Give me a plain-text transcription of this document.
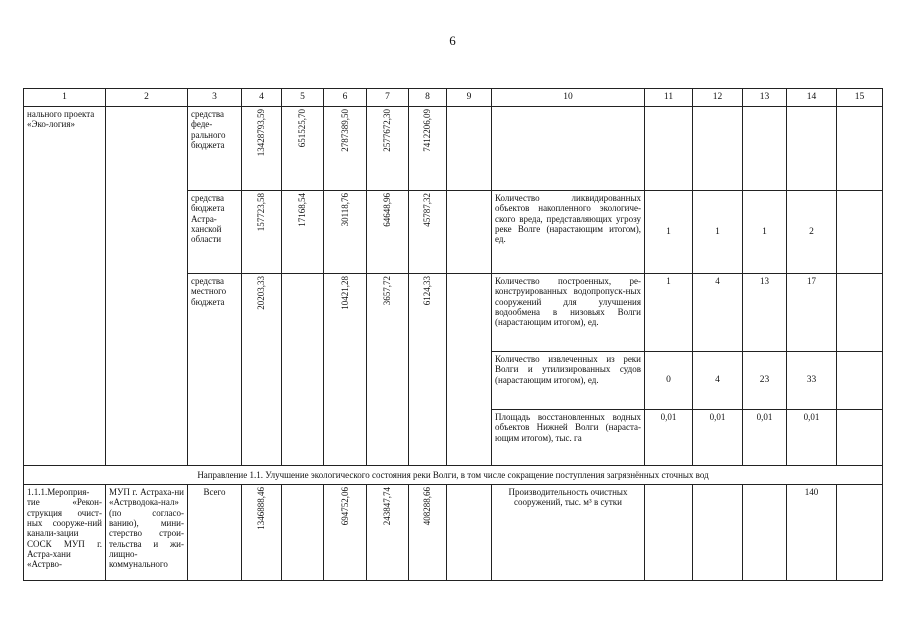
6
1	2	3	4	5	6	7	8	9	10	11	12	13	14	15
нального проекта «Эко-логия»		средства феде-рального бюджета	13428793,59	651525,70	2787389,50	2577672,30	7412206,09							

		средства бюджета Астра-ханской области	157723,58	17168,54	30118,76	64648,96	45787,32		Количество ликвидированных объектов накопленного экологиче-ского вреда, представляющих угрозу реке Волге (нарастающим итогом), ед.	1	1	1	2	
		средства местного бюджета	20203,33		10421,28	3657,72	6124,33		Количество построенных, ре-конструированных водопропуск-ных сооружений для улучшения водообмена в низовьях Волги (нарастающим итогом), ед.	1	4	13	17	
									Количество извлеченных из реки Волги и утилизированных судов (нарастающим итогом), ед.	0	4	23	33	
									Площадь восстановленных водных объектов Нижней Волги (нараста-ющим итогом), тыс. га	0,01	0,01	0,01	0,01	
Направление 1.1. Улучшение экологического состояния реки Волги, в том числе сокращение поступления загрязнённых сточных вод														
1.1.1.Мероприя-тие «Рекон-струкция очист-ных сооруже-ний канали-зации СОСК МУП г. Астра-хани «Астрво-	МУП г. Астраха-ни «Астрводока-нал» (по согласо-ванию), мини-стерство строи-тельства и жи-лищно-коммунального	Всего	1346888,46		694752,06	243847,74	408288,66		Производительность очистных сооружений, тыс. м³ в сутки				140	
